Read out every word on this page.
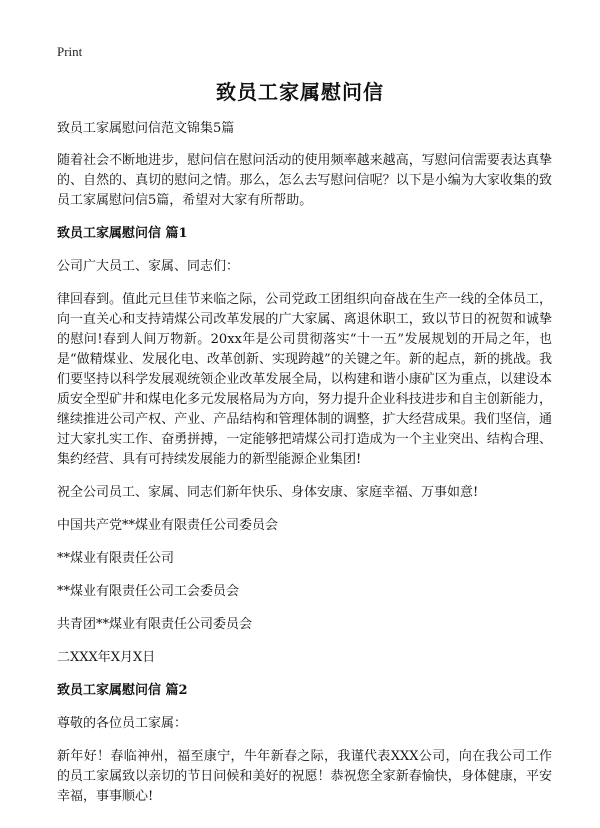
Print
致员工家属慰问信

致员工家属慰问信范文锦集5篇

随着社会不断地进步，慰问信在慰问活动的使用频率越来越高，写慰问信需要表达真挚的、自然的、真切的慰问之情。那么，怎么去写慰问信呢？以下是小编为大家收集的致员工家属慰问信5篇，希望对大家有所帮助。

致员工家属慰问信 篇1

公司广大员工、家属、同志们：

律回春到。值此元旦佳节来临之际，公司党政工团组织向奋战在生产一线的全体员工，向一直关心和支持靖煤公司改革发展的广大家属、离退休职工，致以节日的祝贺和诚挚的慰问!春到人间万物新。20xx年是公司贯彻落实“十一五”发展规划的开局之年，也是“做精煤业、发展化电、改革创新、实现跨越”的关键之年。新的起点，新的挑战。我们要坚持以科学发展观统领企业改革发展全局，以构建和谐小康矿区为重点，以建设本质安全型矿井和煤电化多元发展格局为方向，努力提升企业科技进步和自主创新能力，继续推进公司产权、产业、产品结构和管理体制的调整，扩大经营成果。我们坚信，通过大家扎实工作、奋勇拼搏，一定能够把靖煤公司打造成为一个主业突出、结构合理、集约经营、具有可持续发展能力的新型能源企业集团!

祝全公司员工、家属、同志们新年快乐、身体安康、家庭幸福、万事如意!

中国共产党**煤业有限责任公司委员会

**煤业有限责任公司

**煤业有限责任公司工会委员会

共青团**煤业有限责任公司委员会

二XXX年X月X日

致员工家属慰问信 篇2

尊敬的各位员工家属：

新年好！春临神州，福至康宁，牛年新春之际，我谨代表XXX公司，向在我公司工作的员工家属致以亲切的节日问候和美好的祝愿！恭祝您全家新春愉快，身体健康，平安幸福，事事顺心!
